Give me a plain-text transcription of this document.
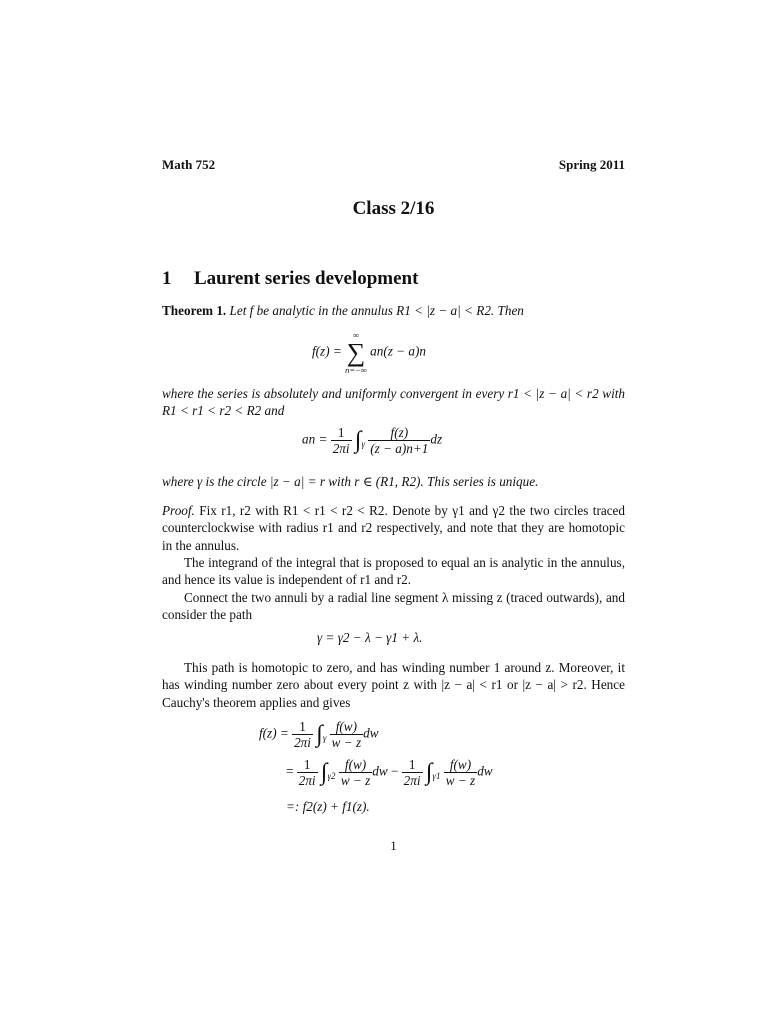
Math 752	Spring 2011
Class 2/16
1 Laurent series development
Theorem 1. Let f be analytic in the annulus R1 < |z − a| < R2. Then
f(z) =
∞
∑
n=−∞
an(z − a)n
where the series is absolutely and uniformly convergent in every r1 < |z − a| < r2 with R1 < r1 < r2 < R2 and
an = $\frac{1}{2\pi i} \int_\gamma \frac{f(z)}{(z - a)n+1}$ dz
where γ is the circle |z − a| = r with r ∈ (R1, R2). This series is unique.
Proof. Fix r1, r2 with R1 < r1 < r2 < R2. Denote by γ1 and γ2 the two circles traced counterclockwise with radius r1 and r2 respectively, and note that they are homotopic in the annulus.
The integrand of the integral that is proposed to equal an is analytic in the annulus, and hence its value is independent of r1 and r2.
Connect the two annuli by a radial line segment λ missing z (traced outwards), and consider the path
γ = γ2 − λ − γ1 + λ.
This path is homotopic to zero, and has winding number 1 around z. Moreover, it has winding number zero about every point z with |z − a| < r1 or |z − a| > r2. Hence Cauchy's theorem applies and gives
$f(z) = \frac{1}{2\pi i} \int_\gamma \frac{f(w)}{w - z}$ dw
= $\frac{1}{2\pi i} \int_{\gamma 2} \frac{f(w)}{w - z}$ dw − $\frac{1}{2\pi i} \int_{\gamma 1} \frac{f(w)}{w - z}$ dw
=: f2(z) + f1(z).
1
